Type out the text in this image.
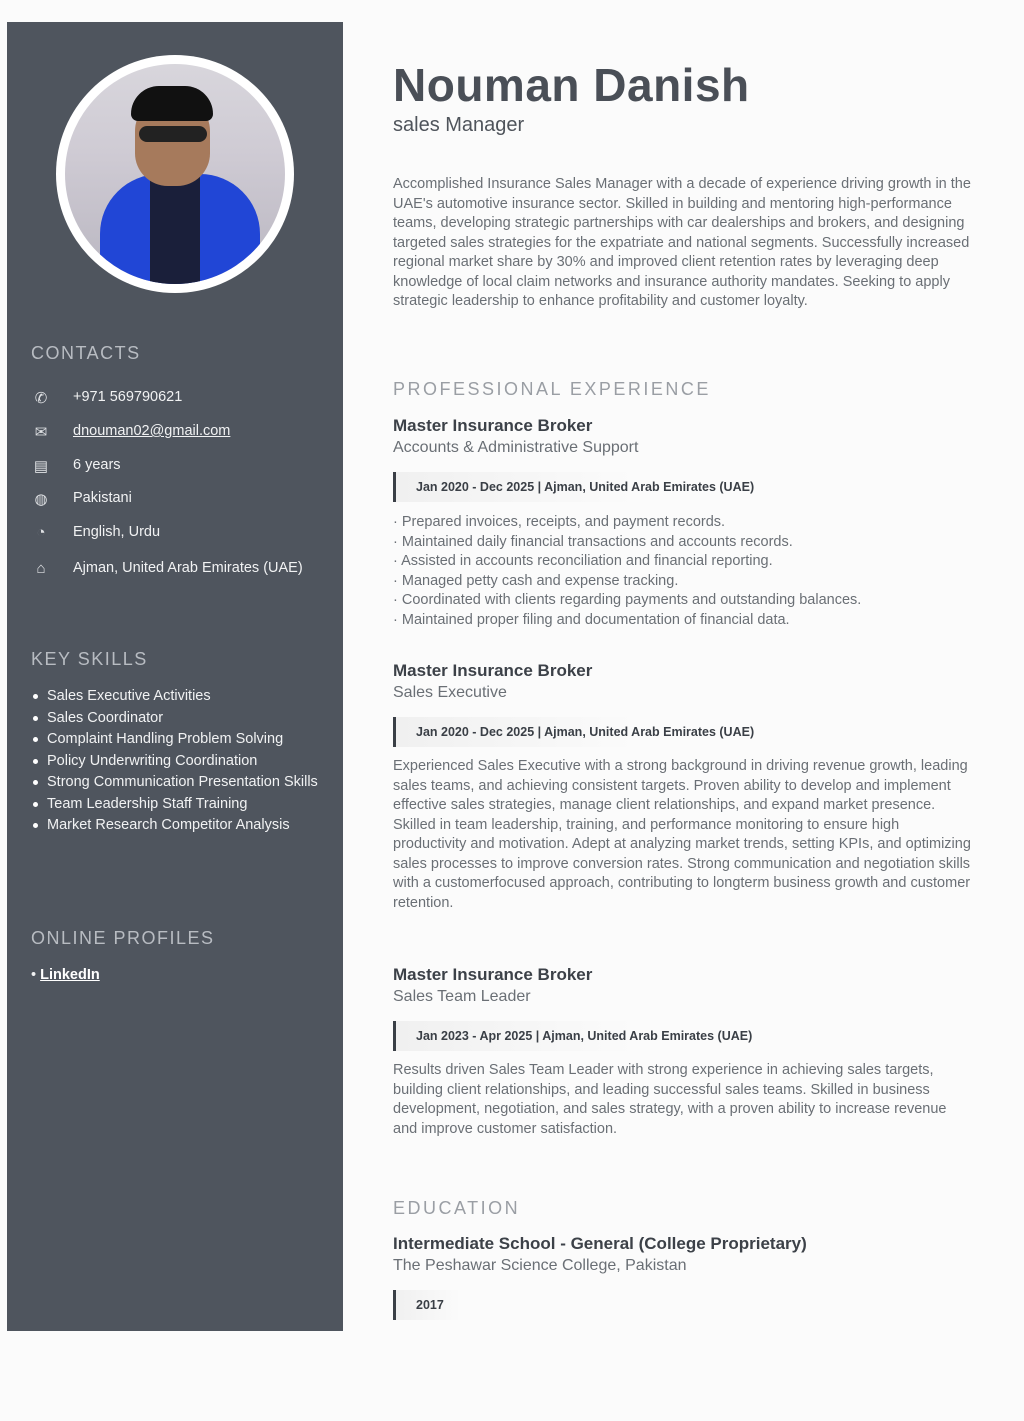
CONTACTS
✆ +971 569790621
✉ dnouman02@gmail.com
▤ 6 years
◍ Pakistani
◔	English, Urdu
⌂	Ajman, United Arab Emirates (UAE)
KEY SKILLS
Sales Executive Activities
Sales Coordinator
Complaint Handling Problem Solving
Policy Underwriting Coordination
Strong Communication Presentation Skills
Team Leadership Staff Training
Market Research Competitor Analysis
ONLINE PROFILES
• LinkedIn
Nouman Danish
sales Manager
Accomplished Insurance Sales Manager with a decade of experience driving growth in the UAE's automotive insurance sector. Skilled in building and mentoring high-performance teams, developing strategic partnerships with car dealerships and brokers, and designing targeted sales strategies for the expatriate and national segments. Successfully increased regional market share by 30% and improved client retention rates by leveraging deep knowledge of local claim networks and insurance authority mandates. Seeking to apply strategic leadership to enhance profitability and customer loyalty.
PROFESSIONAL EXPERIENCE
Master Insurance Broker
Accounts & Administrative Support
Jan 2020 - Dec 2025 | Ajman, United Arab Emirates (UAE)
· Prepared invoices, receipts, and payment records.
· Maintained daily financial transactions and accounts records.
· Assisted in accounts reconciliation and financial reporting.
· Managed petty cash and expense tracking.
· Coordinated with clients regarding payments and outstanding balances.
· Maintained proper filing and documentation of financial data.
Master Insurance Broker
Sales Executive
Jan 2020 - Dec 2025 | Ajman, United Arab Emirates (UAE)
Experienced Sales Executive with a strong background in driving revenue growth, leading sales teams, and achieving consistent targets. Proven ability to develop and implement effective sales strategies, manage client relationships, and expand market presence. Skilled in team leadership, training, and performance monitoring to ensure high productivity and motivation. Adept at analyzing market trends, setting KPIs, and optimizing sales processes to improve conversion rates. Strong communication and negotiation skills with a customerfocused approach, contributing to longterm business growth and customer retention.
Master Insurance Broker
Sales Team Leader
Jan 2023 - Apr 2025 | Ajman, United Arab Emirates (UAE)
Results driven Sales Team Leader with strong experience in achieving sales targets, building client relationships, and leading successful sales teams. Skilled in business development, negotiation, and sales strategy, with a proven ability to increase revenue and improve customer satisfaction.
EDUCATION
Intermediate School - General (College Proprietary)
The Peshawar Science College, Pakistan
2017
